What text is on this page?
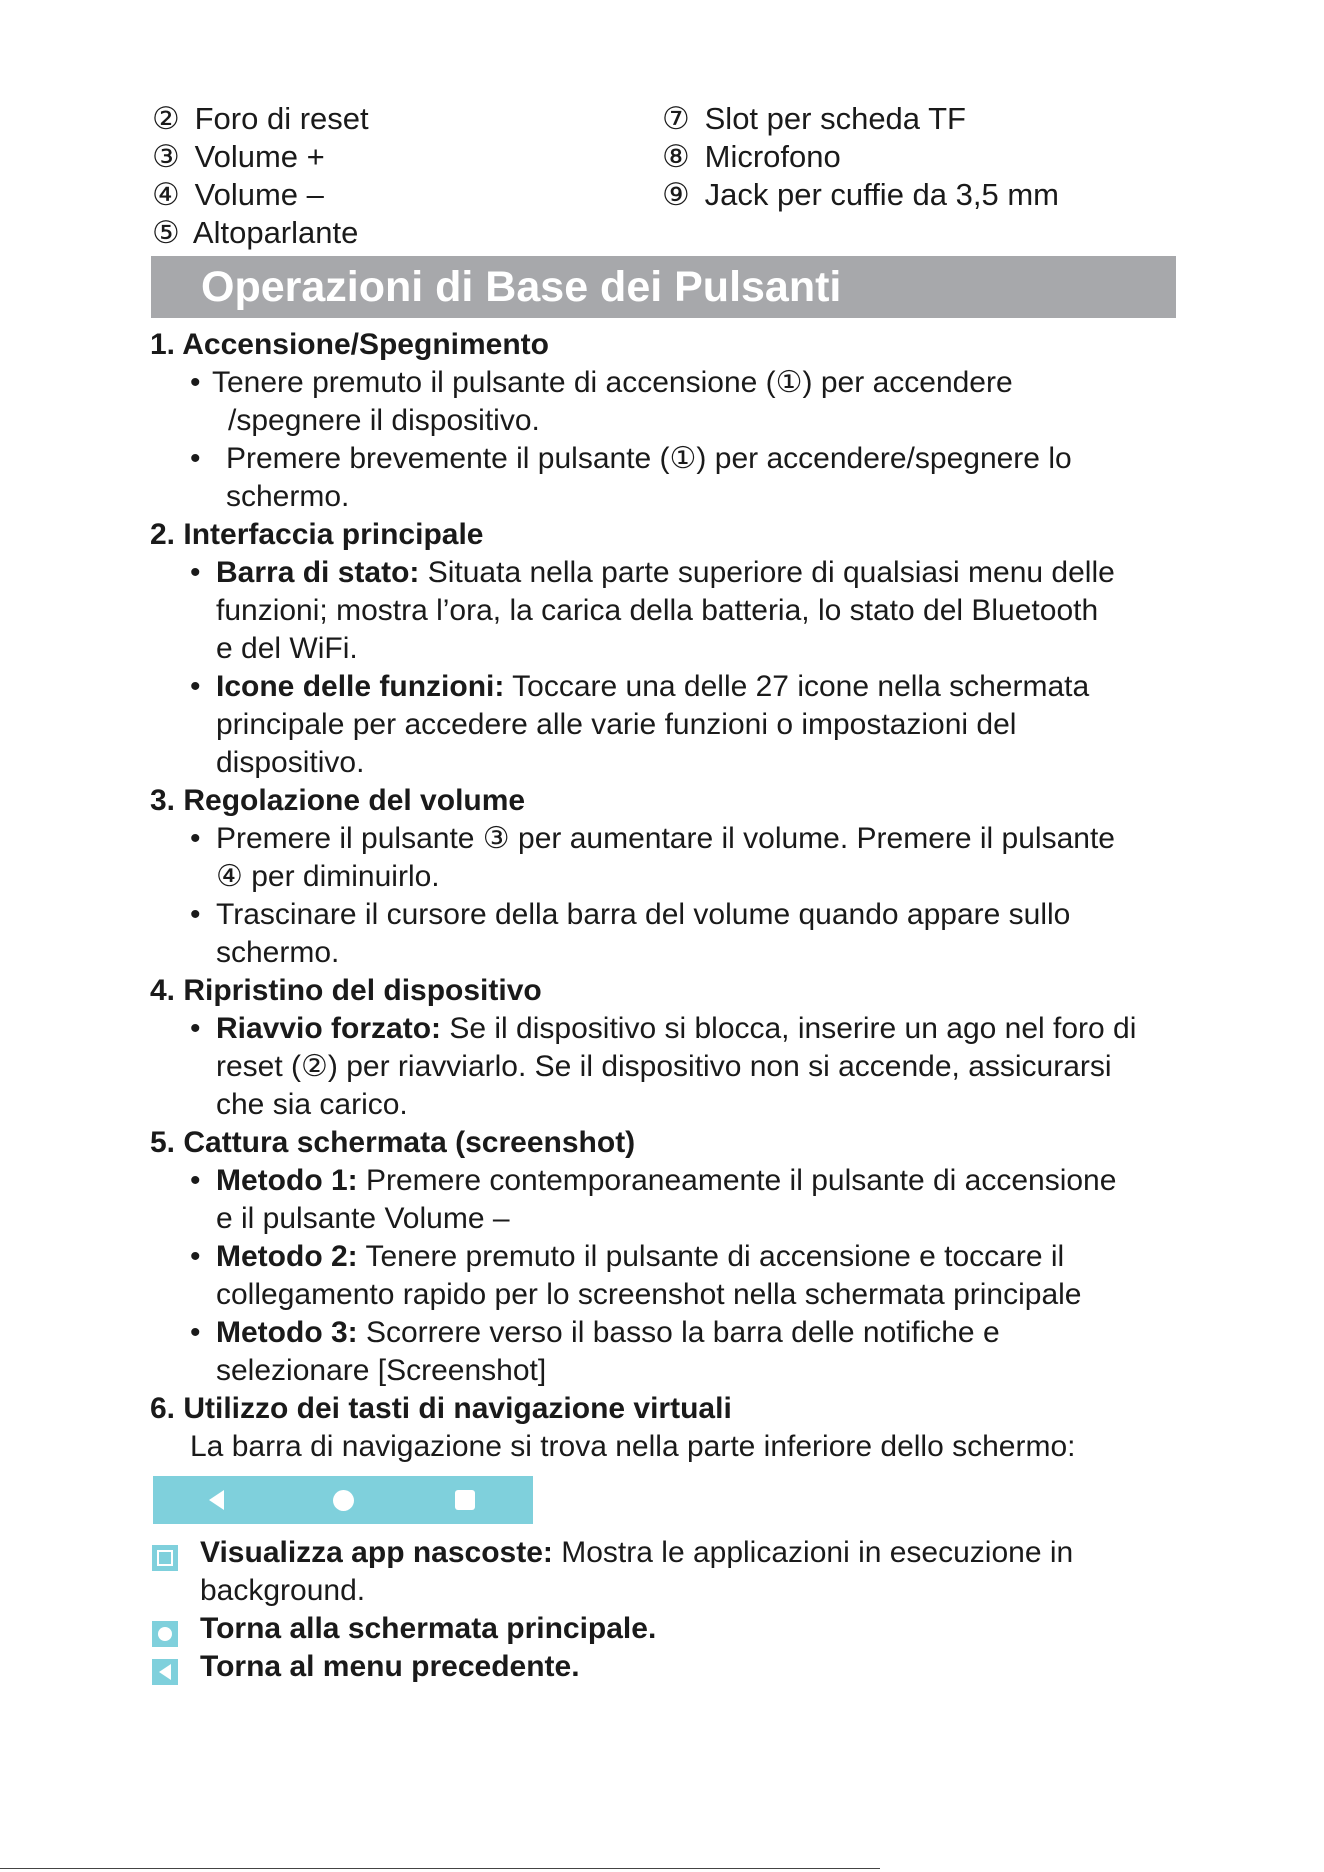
② Foro di reset
③ Volume +
④ Volume –
⑤ Altoparlante
⑦ Slot per scheda TF
⑧ Microfono
⑨ Jack per cuffie da 3,5 mm
Operazioni di Base dei Pulsanti
1. Accensione/Spegnimento
• Tenere premuto il pulsante di accensione (①) per accendere
/spegnere il dispositivo.
• Premere brevemente il pulsante (①) per accendere/spegnere lo
schermo.
2. Interfaccia principale
• Barra di stato: Situata nella parte superiore di qualsiasi menu delle
funzioni; mostra l’ora, la carica della batteria, lo stato del Bluetooth
e del WiFi.
• Icone delle funzioni: Toccare una delle 27 icone nella schermata
principale per accedere alle varie funzioni o impostazioni del
dispositivo.
3. Regolazione del volume
• Premere il pulsante ③ per aumentare il volume. Premere il pulsante
④ per diminuirlo.
• Trascinare il cursore della barra del volume quando appare sullo
schermo.
4. Ripristino del dispositivo
• Riavvio forzato: Se il dispositivo si blocca, inserire un ago nel foro di
reset (②) per riavviarlo. Se il dispositivo non si accende, assicurarsi
che sia carico.
5. Cattura schermata (screenshot)
• Metodo 1: Premere contemporaneamente il pulsante di accensione
e il pulsante Volume –
• Metodo 2: Tenere premuto il pulsante di accensione e toccare il
collegamento rapido per lo screenshot nella schermata principale
• Metodo 3: Scorrere verso il basso la barra delle notifiche e
selezionare [Screenshot]
6. Utilizzo dei tasti di navigazione virtuali
La barra di navigazione si trova nella parte inferiore dello schermo:
Visualizza app nascoste: Mostra le applicazioni in esecuzione in
background.
Torna alla schermata principale.
Torna al menu precedente.
